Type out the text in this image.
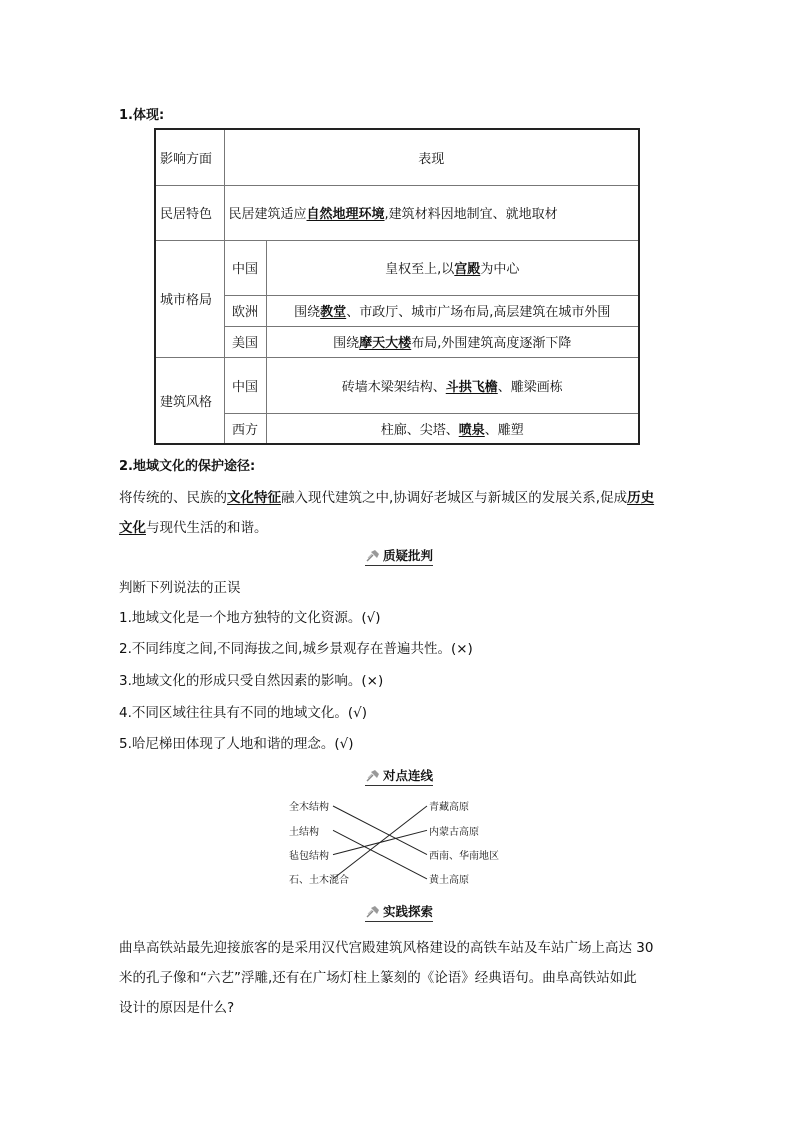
1.体现:
影响方面	表现	
民居特色	民居建筑适应自然地理环境,建筑材料因地制宜、就地取材	
城市格局	中国	皇权至上,以宫殿为中心
	欧洲	围绕教堂、市政厅、城市广场布局,高层建筑在城市外围
	美国	围绕摩天大楼布局,外围建筑高度逐渐下降
建筑风格	中国	砖墙木梁架结构、斗拱飞檐、雕梁画栋
	西方	柱廊、尖塔、喷泉、雕塑
2.地域文化的保护途径:
将传统的、民族的文化特征融入现代建筑之中,协调好老城区与新城区的发展关系,促成历史
文化与现代生活的和谐。
质疑批判
判断下列说法的正误
1.地域文化是一个地方独特的文化资源。(√)
2.不同纬度之间,不同海拔之间,城乡景观存在普遍共性。(×)
3.地域文化的形成只受自然因素的影响。(×)
4.不同区域往往具有不同的地域文化。(√)
5.哈尼梯田体现了人地和谐的理念。(√)
对点连线
全木结构
土结构
毡包结构
石、土木混合
青藏高原
内蒙古高原
西南、华南地区
黄土高原
实践探索
曲阜高铁站最先迎接旅客的是采用汉代宫殿建筑风格建设的高铁车站及车站广场上高达 30
米的孔子像和“六艺”浮雕,还有在广场灯柱上篆刻的《论语》经典语句。曲阜高铁站如此
设计的原因是什么?
